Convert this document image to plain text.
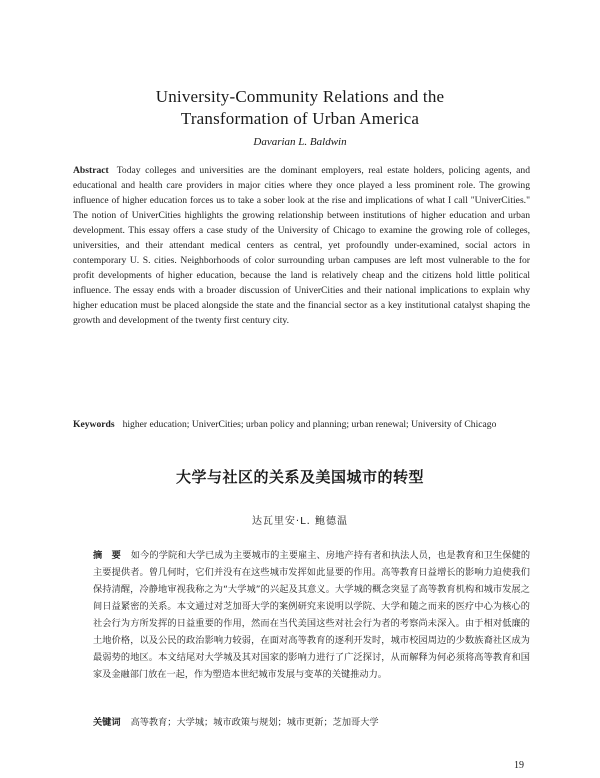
University-Community Relations and the
Transformation of Urban America
Davarian L. Baldwin
Abstract Today colleges and universities are the dominant employers, real estate holders, policing agents, and educational and health care providers in major cities where they once played a less prominent role. The growing influence of higher education forces us to take a sober look at the rise and implications of what I call "UniverCities." The notion of UniverCities highlights the growing relationship between institutions of higher education and urban development. This essay offers a case study of the University of Chicago to examine the growing role of colleges, universities, and their attendant medical centers as central, yet profoundly under-examined, social actors in contemporary U. S. cities. Neighborhoods of color surrounding urban campuses are left most vulnerable to the for profit developments of higher education, because the land is relatively cheap and the citizens hold little political influence. The essay ends with a broader discussion of UniverCities and their national implications to explain why higher education must be placed alongside the state and the financial sector as a key institutional catalyst shaping the growth and development of the twenty first century city.
Keywords higher education; UniverCities; urban policy and planning; urban renewal; University of Chicago
大学与社区的关系及美国城市的转型
达瓦里安·L. 鲍德温
摘　要 如今的学院和大学已成为主要城市的主要雇主、房地产持有者和执法人员，也是教育和卫生保健的主要提供者。曾几何时，它们并没有在这些城市发挥如此显要的作用。高等教育日益增长的影响力迫使我们保持清醒，冷静地审视我称之为“大学城”的兴起及其意义。大学城的概念突显了高等教育机构和城市发展之间日益紧密的关系。本文通过对芝加哥大学的案例研究来说明以学院、大学和随之而来的医疗中心为核心的社会行为方所发挥的日益重要的作用，然而在当代美国这些对社会行为者的考察尚未深入。由于相对低廉的土地价格，以及公民的政治影响力较弱，在面对高等教育的逐利开发时，城市校园周边的少数族裔社区成为最弱势的地区。本文结尾对大学城及其对国家的影响力进行了广泛探讨，从而解释为何必须将高等教育和国家及金融部门放在一起，作为塑造本世纪城市发展与变革的关键推动力。
关键词 高等教育；大学城；城市政策与规划；城市更新；芝加哥大学
19
